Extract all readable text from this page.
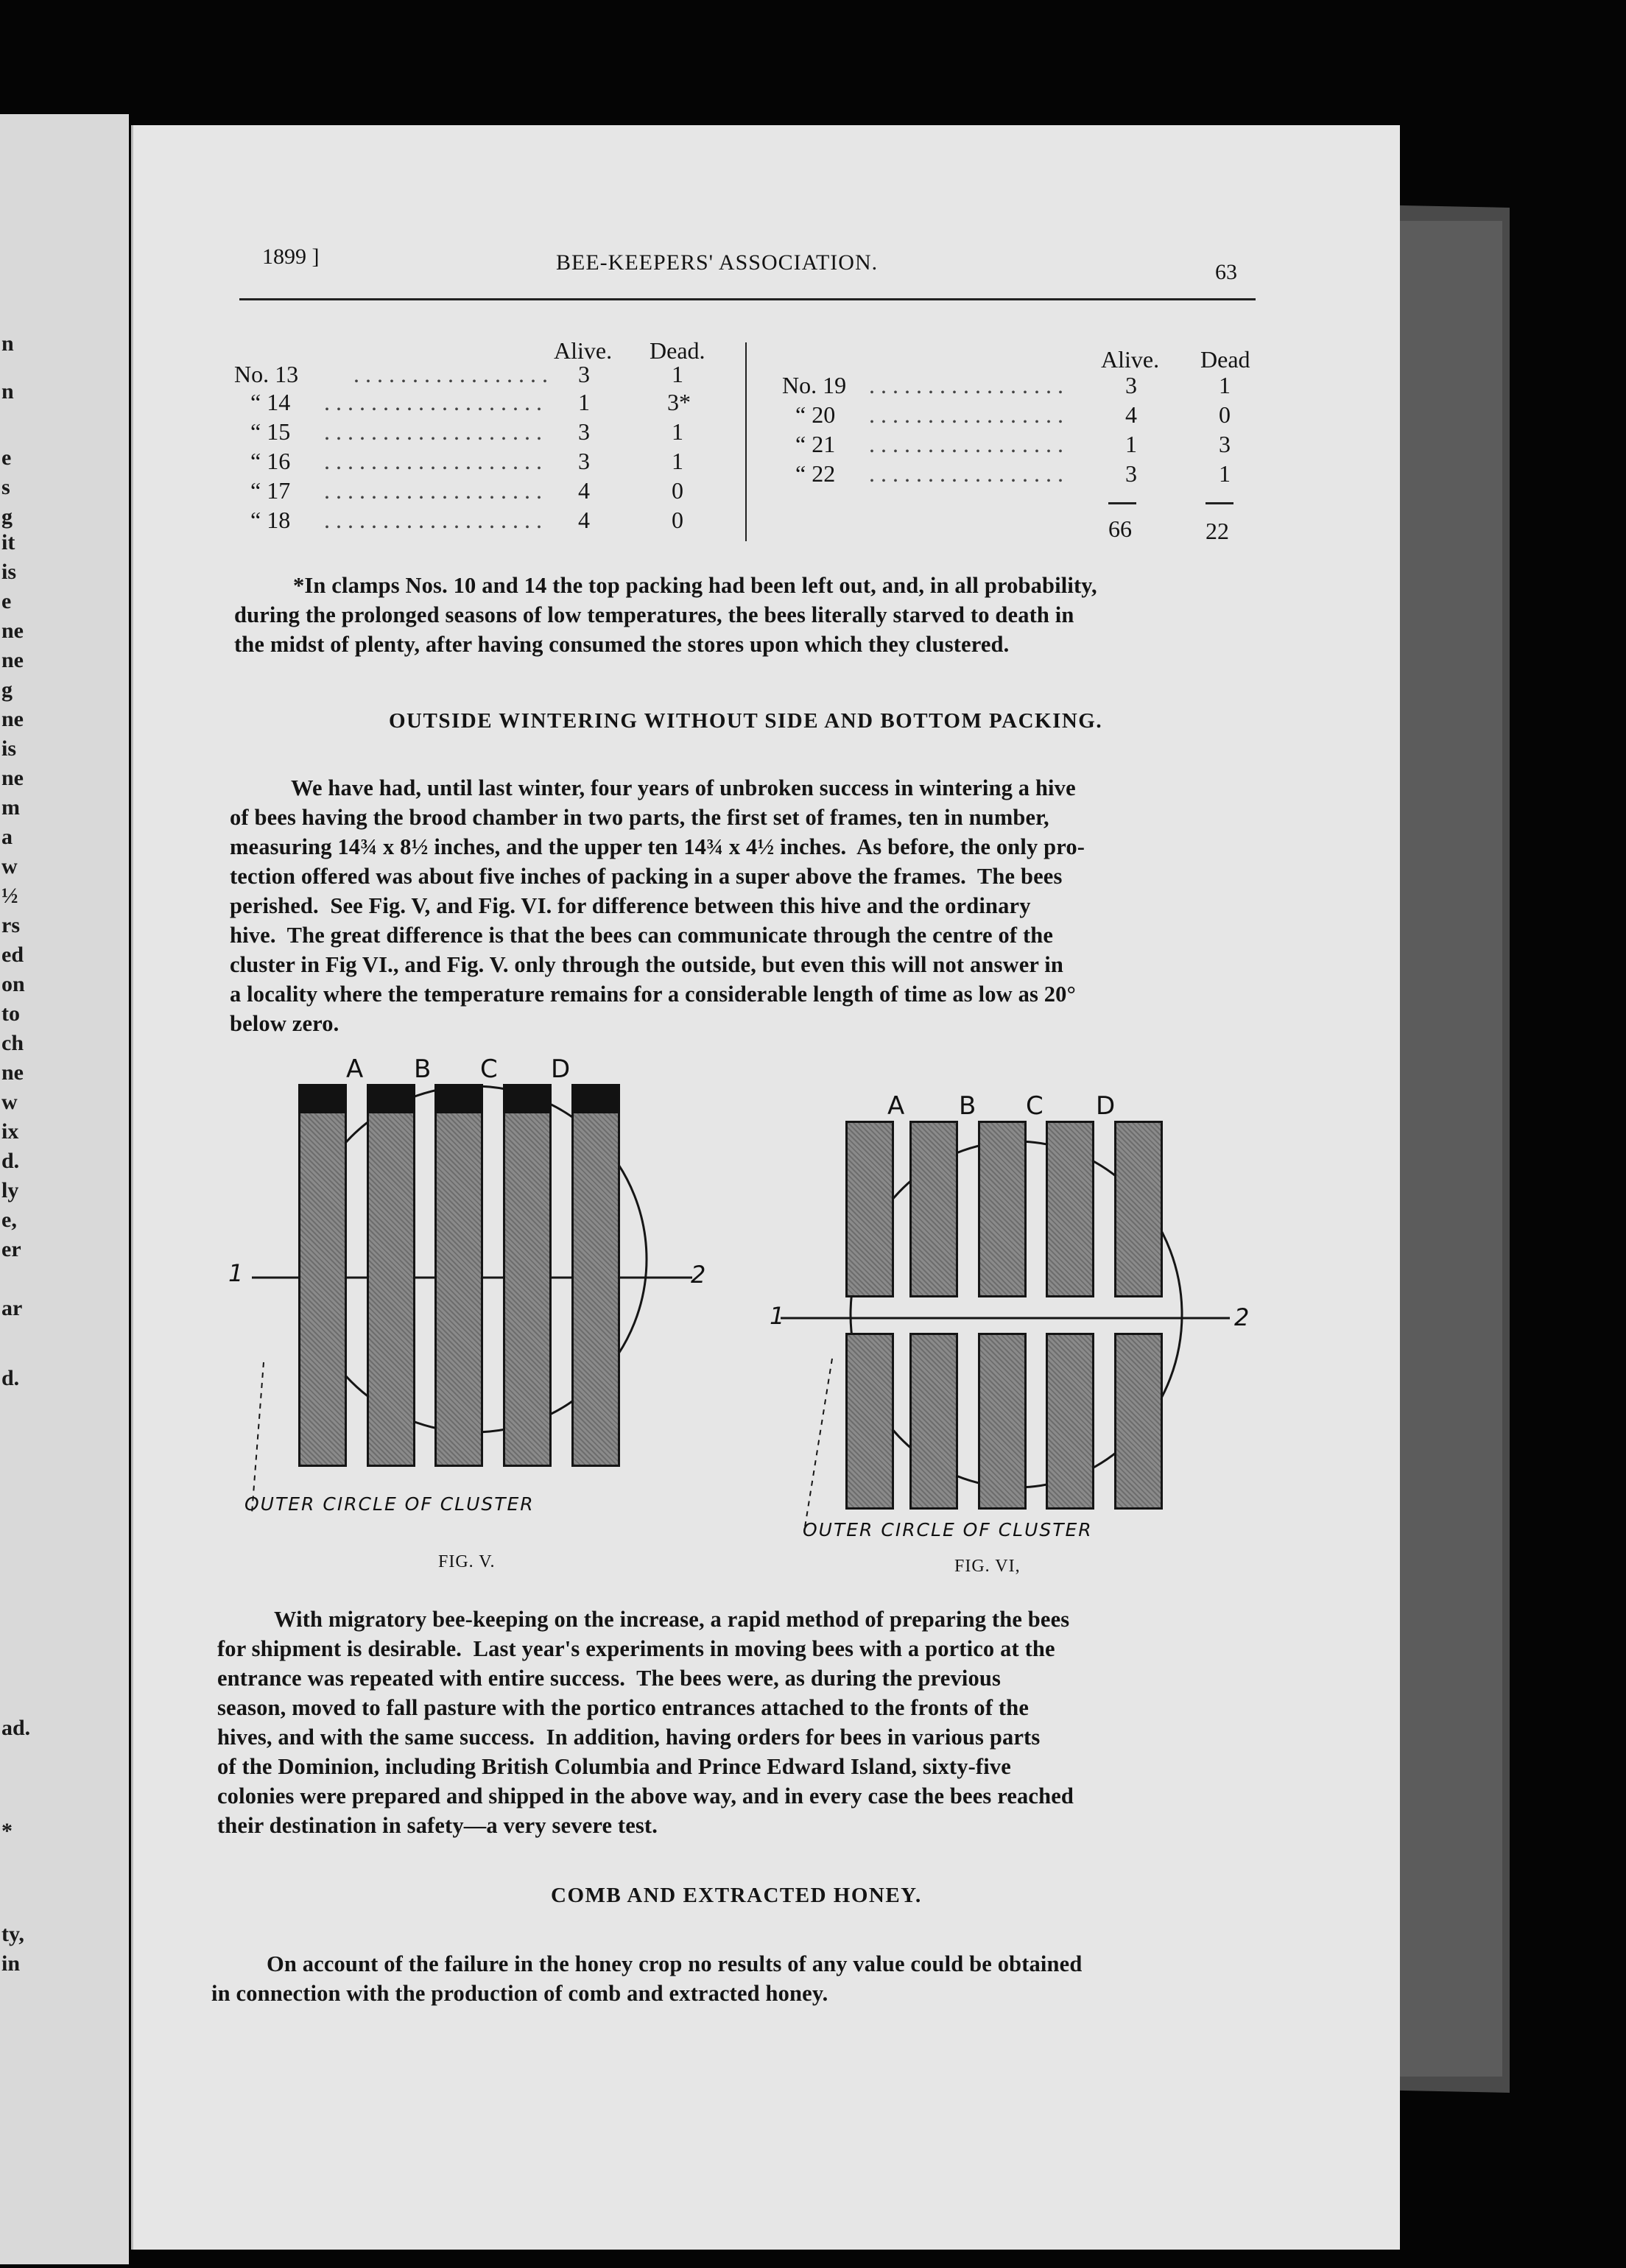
n
n
e
s
g
it
is
e
ne
ne
g
ne
is
ne
m
a
w
½
rs
ed
on
to
ch
ne
w
ix
d.
ly
e,
er
ar
d.
ad.
*
ty,
in
1899 ]	BEE-KEEPERS' ASSOCIATION.	63
Alive. Dead.
No. 13 . . . . . . . . . . . . . . . . . 3	1
“ 14 . . . . . . . . . . . . . . . . . . . 1	3*
“ 15 . . . . . . . . . . . . . . . . . . . 3	1
“ 16 . . . . . . . . . . . . . . . . . . . 3	1
“ 17 . . . . . . . . . . . . . . . . . . . 4	0
“ 18 . . . . . . . . . . . . . . . . . . . 4	0
Alive. Dead
No. 19 . . . . . . . . . . . . . . . . .	3	1
“ 20 . . . . . . . . . . . . . . . . .	4	0
“ 21 . . . . . . . . . . . . . . . . .	1	3
“ 22 . . . . . . . . . . . . . . . . .	3	1
66	22
*In clamps Nos. 10 and 14 the top packing had been left out, and, in all probability,
during the prolonged seasons of low temperatures, the bees literally starved to death in
the midst of plenty, after having consumed the stores upon which they clustered.
OUTSIDE WINTERING WITHOUT SIDE AND BOTTOM PACKING.
We have had, until last winter, four years of unbroken success in wintering a hive
of bees having the brood chamber in two parts, the first set of frames, ten in number,
measuring 14¾ x 8½ inches, and the upper ten 14¾ x 4½ inches.  As before, the only pro-
tection offered was about five inches of packing in a super above the frames.  The bees
perished.  See Fig. V, and Fig. VI. for difference between this hive and the ordinary
hive.  The great difference is that the bees can communicate through the centre of the
cluster in Fig VI., and Fig. V. only through the outside, but even this will not answer in
a locality where the temperature remains for a considerable length of time as low as 20°
below zero.
A B C D
1	2
OUTER CIRCLE OF CLUSTER
FIG. V.
A B C D
1	2
OUTER CIRCLE OF CLUSTER
FIG. VI,
With migratory bee-keeping on the increase, a rapid method of preparing the bees
for shipment is desirable.  Last year's experiments in moving bees with a portico at the
entrance was repeated with entire success.  The bees were, as during the previous
season, moved to fall pasture with the portico entrances attached to the fronts of the
hives, and with the same success.  In addition, having orders for bees in various parts
of the Dominion, including British Columbia and Prince Edward Island, sixty-five
colonies were prepared and shipped in the above way, and in every case the bees reached
their destination in safety—a very severe test.
COMB AND EXTRACTED HONEY.
On account of the failure in the honey crop no results of any value could be obtained
in connection with the production of comb and extracted honey.
